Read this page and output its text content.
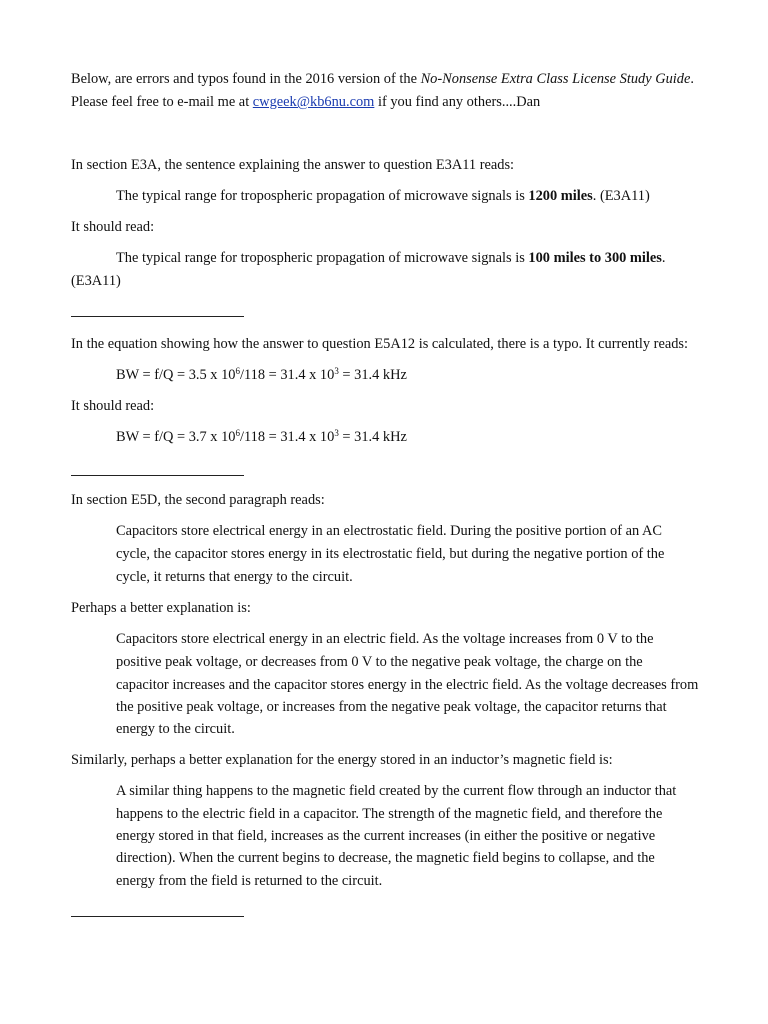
Below, are errors and typos found in the 2016 version of the No-Nonsense Extra Class License Study Guide.
Please feel free to e-mail me at cwgeek@kb6nu.com if you find any others....Dan
In section E3A, the sentence explaining the answer to question E3A11 reads:
The typical range for tropospheric propagation of microwave signals is 1200 miles. (E3A11)
It should read:
The typical range for tropospheric propagation of microwave signals is 100 miles to 300 miles.
(E3A11)
In the equation showing how the answer to question E5A12 is calculated, there is a typo. It currently reads:
BW = f/Q = 3.5 x $10^6/118 = 31.4$ x $10^3 = 31.4$ kHz
It should read:
BW = f/Q = 3.7 x $10^6/118 = 31.4$ x $10^3 = 31.4$ kHz
In section E5D, the second paragraph reads:
Capacitors store electrical energy in an electrostatic field. During the positive portion of an AC
cycle, the capacitor stores energy in its electrostatic field, but during the negative portion of the
cycle, it returns that energy to the circuit.
Perhaps a better explanation is:
Capacitors store electrical energy in an electric field. As the voltage increases from 0 V to the
positive peak voltage, or decreases from 0 V to the negative peak voltage, the charge on the
capacitor increases and the capacitor stores energy in the electric field. As the voltage decreases from
the positive peak voltage, or increases from the negative peak voltage, the capacitor returns that
energy to the circuit.
Similarly, perhaps a better explanation for the energy stored in an inductor’s magnetic field is:
A similar thing happens to the magnetic field created by the current flow through an inductor that
happens to the electric field in a capacitor. The strength of the magnetic field, and therefore the
energy stored in that field, increases as the current increases (in either the positive or negative
direction). When the current begins to decrease, the magnetic field begins to collapse, and the
energy from the field is returned to the circuit.
